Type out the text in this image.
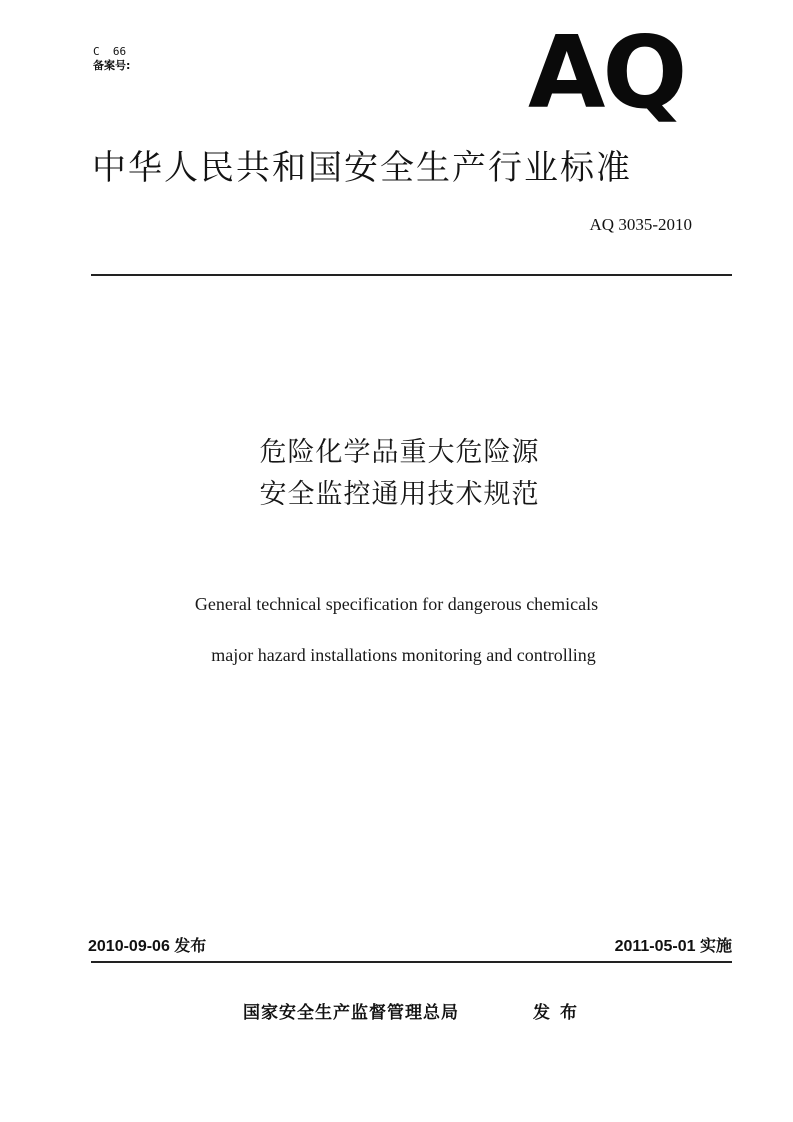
C  66
备案号:	AQ
中华人民共和国安全生产行业标准
AQ 3035-2010
危险化学品重大危险源
安全监控通用技术规范
General technical specification for dangerous chemicals
major hazard installations monitoring and controlling
2010-09-06 发布	2011-05-01 实施
国家安全生产监督管理总局	发布
